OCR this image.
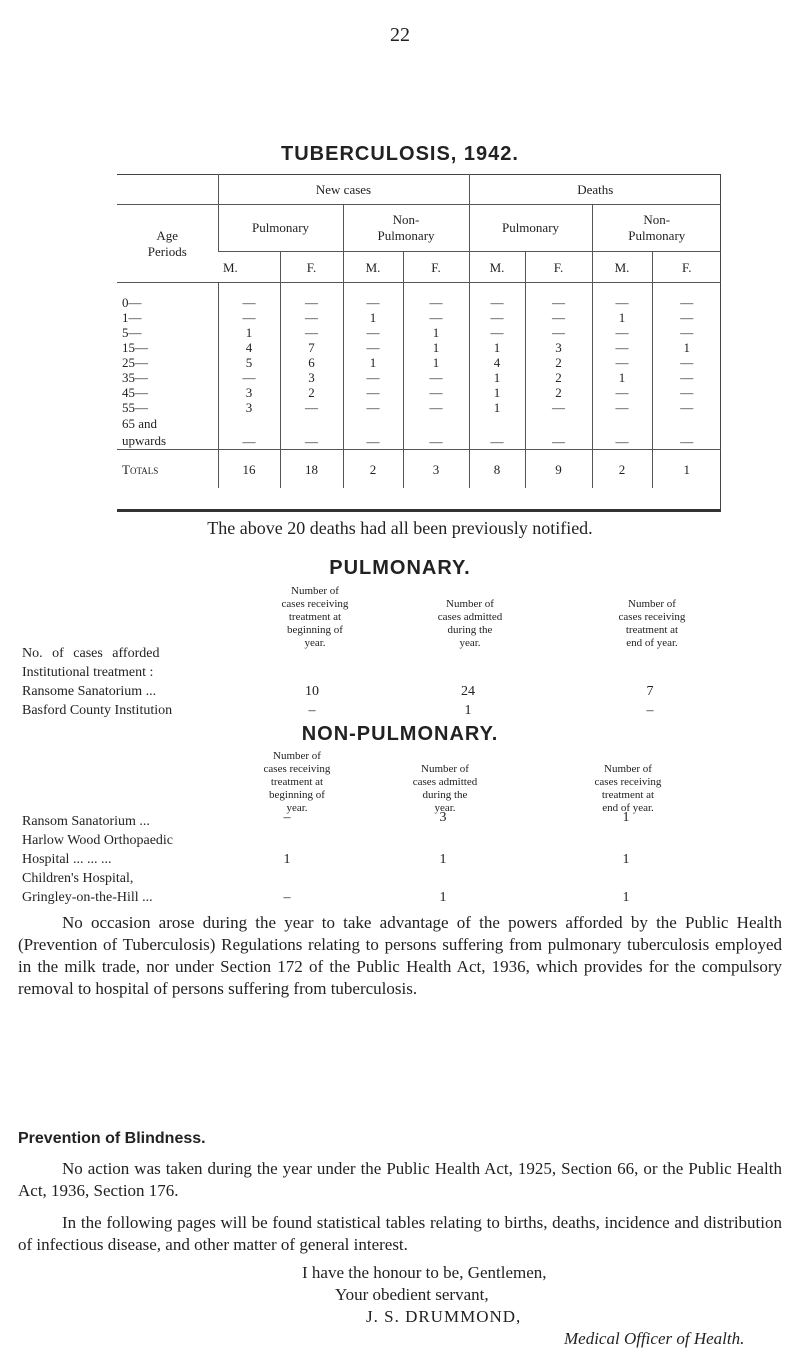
22
TUBERCULOSIS, 1942.
	New cases				Deaths			
Age
Periods	Pulmonary		Non-
Pulmonary		Pulmonary		Non-
Pulmonary	
	M.	F.	M.	F.	M.	F.	M.	F.
0—	—	—	—	—	—	—	—	—
1—	—	—	1	—	—	—	1	—
5—	1	—	—	1	—	—	—	—
15—	4	7	—	1	1	3	—	1
25—	5	6	1	1	4	2	—	—
35—	—	3	—	—	1	2	1	—
45—	3	2	—	—	1	2	—	—
55—	3	—	—	—	1	—	—	—
65 and
upwards	—	—	—	—	—	—	—	—
Totals	16	18	2	3	8	9	2	1
The above 20 deaths had all been previously notified.
PULMONARY.
Number of
cases receiving
treatment at
beginning of
year.
Number of
cases admitted
during the
year.
Number of
cases receiving
treatment at
end of year.
No. of cases afforded
Institutional treatment :
Ransome Sanatorium ...	10	24	7
Basford County Institution	–	1	–
NON-PULMONARY.
Number of
cases receiving
treatment at
beginning of
year.
Number of
cases admitted
during the
year.
Number of
cases receiving
treatment at
end of year.
Ransom Sanatorium ...	–	3	1
Harlow Wood Orthopaedic
Hospital ... ... ...	1	1	1
Children's Hospital,
Gringley-on-the-Hill ...	–	1	1

No occasion arose during the year to take advantage of the powers afforded by the Public Health (Prevention of Tuberculosis) Regulations relating to persons suffering from pulmonary tuberculosis employed in the milk trade, nor under Section 172 of the Public Health Act, 1936, which provides for the compulsory removal to hospital of persons suffering from tuberculosis.

Prevention of Blindness.

No action was taken during the year under the Public Health Act, 1925, Section 66, or the Public Health Act, 1936, Section 176.

In the following pages will be found statistical tables relating to births, deaths, incidence and distribution of infectious disease, and other matter of general interest.

I have the honour to be, Gentlemen,
Your obedient servant,
J. S. DRUMMOND,
Medical Officer of Health.
